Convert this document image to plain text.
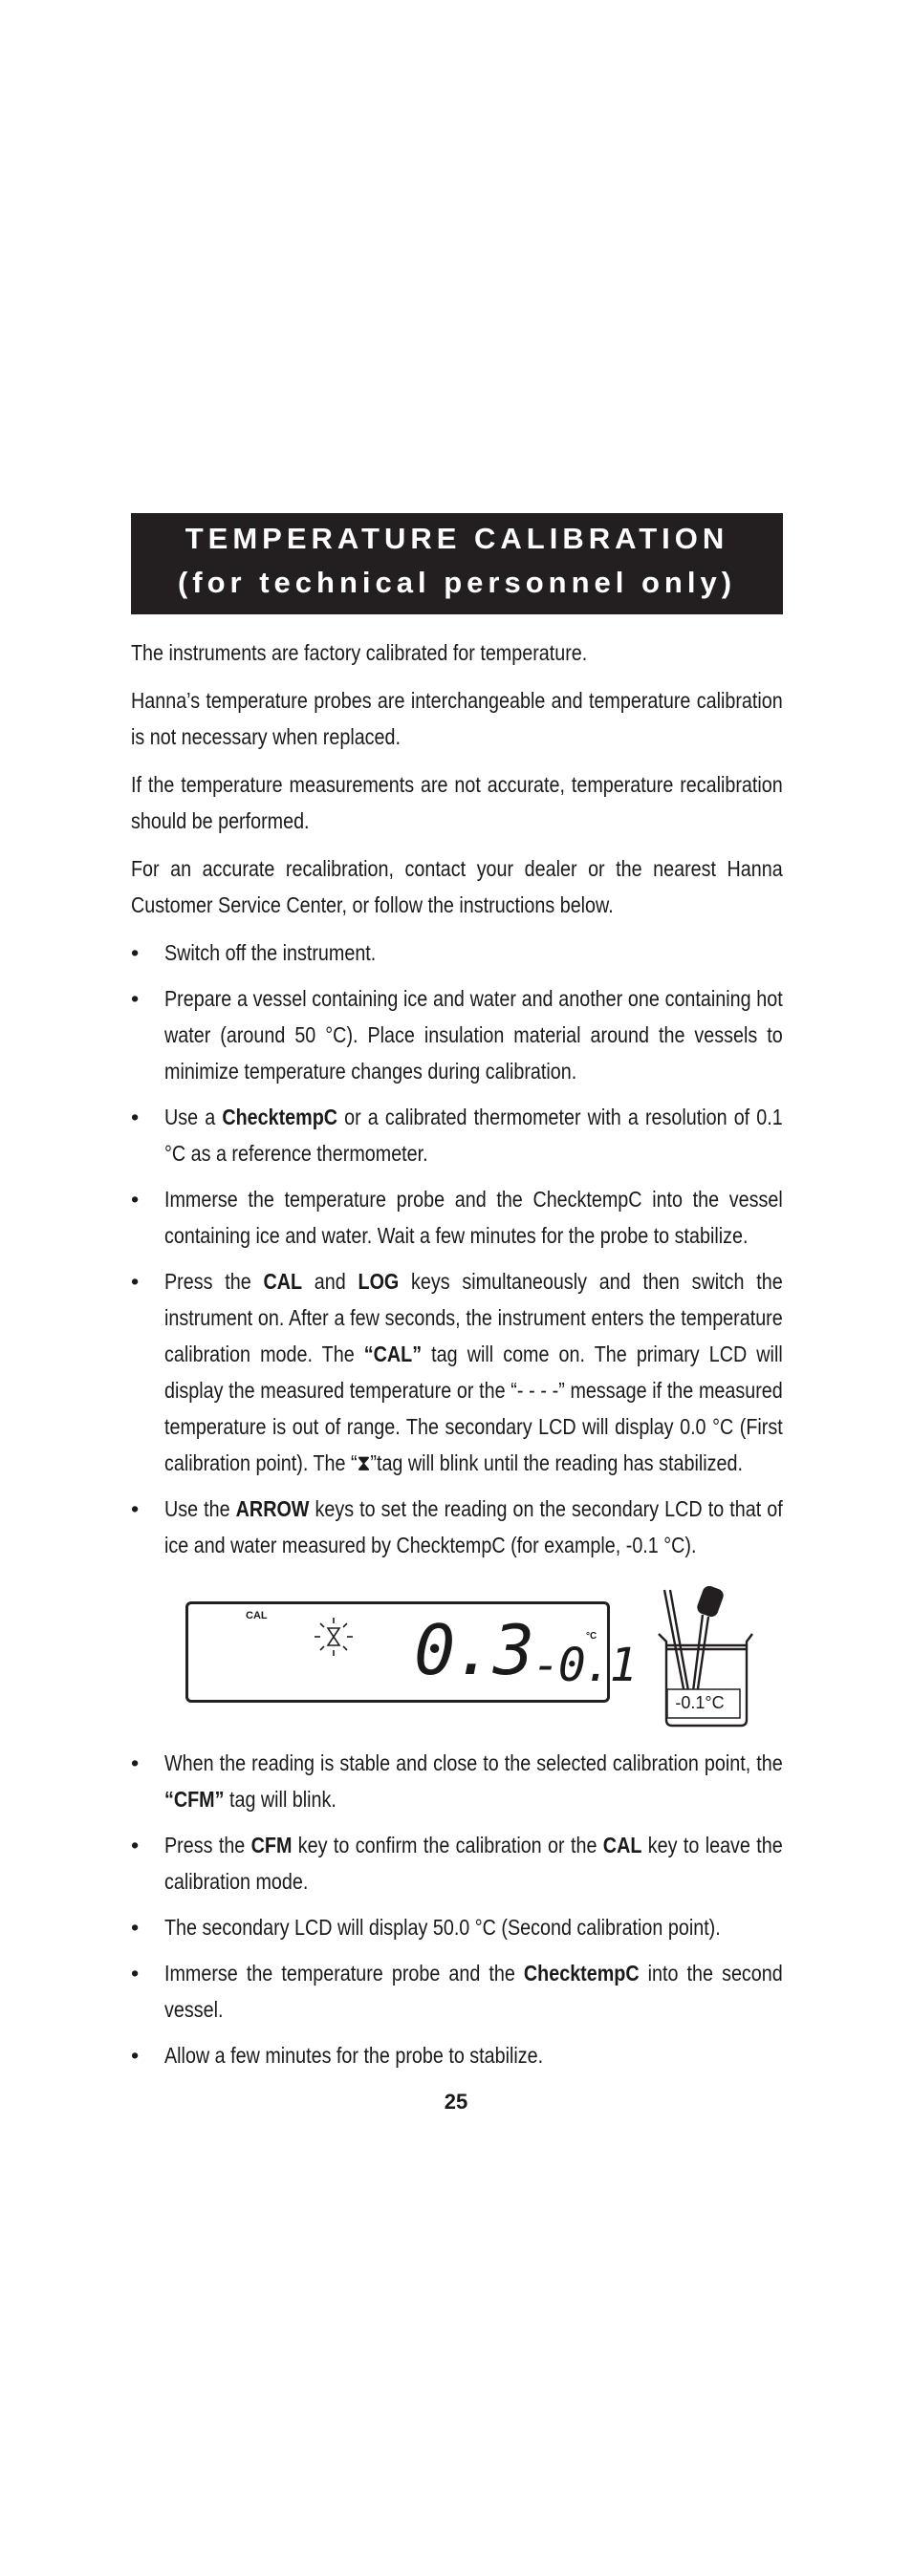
TEMPERATURE CALIBRATION
(for technical personnel only)

The instruments are factory calibrated for temperature.

Hanna’s temperature probes are interchangeable and temperature calibration is not necessary when replaced.

If the temperature measurements are not accurate, temperature recalibration should be performed.

For an accurate recalibration, contact your dealer or the nearest Hanna Customer Service Center, or follow the instructions below.

• Switch off the instrument.

• Prepare a vessel containing ice and water and another one containing hot water (around 50 °C). Place insulation material around the vessels to minimize temperature changes during calibration.

• Use a ChecktempC or a calibrated thermometer with a resolution of 0.1 °C as a reference thermometer.

• Immerse the temperature probe and the ChecktempC into the vessel containing ice and water. Wait a few minutes for the probe to stabilize.

• Press the CAL and LOG keys simultaneously and then switch the instrument on. After a few seconds, the instrument enters the temperature calibration mode. The “CAL” tag will come on. The primary LCD will display the measured temperature or the “- - - -” message if the measured temperature is out of range. The secondary LCD will display 0.0 °C (First calibration point). The “⧗”tag will blink until the reading has stabilized.

• Use the ARROW keys to set the reading on the secondary LCD to that of ice and water measured by ChecktempC (for example, -0.1 °C).

CAL 0.3	°C
-0.1
-0.1°C
• When the reading is stable and close to the selected calibration point, the “CFM” tag will blink.

• Press the CFM key to confirm the calibration or the CAL key to leave the calibration mode.

• The secondary LCD will display 50.0 °C (Second calibration point).

• Immerse the temperature probe and the ChecktempC into the second vessel.

• Allow a few minutes for the probe to stabilize.

25
